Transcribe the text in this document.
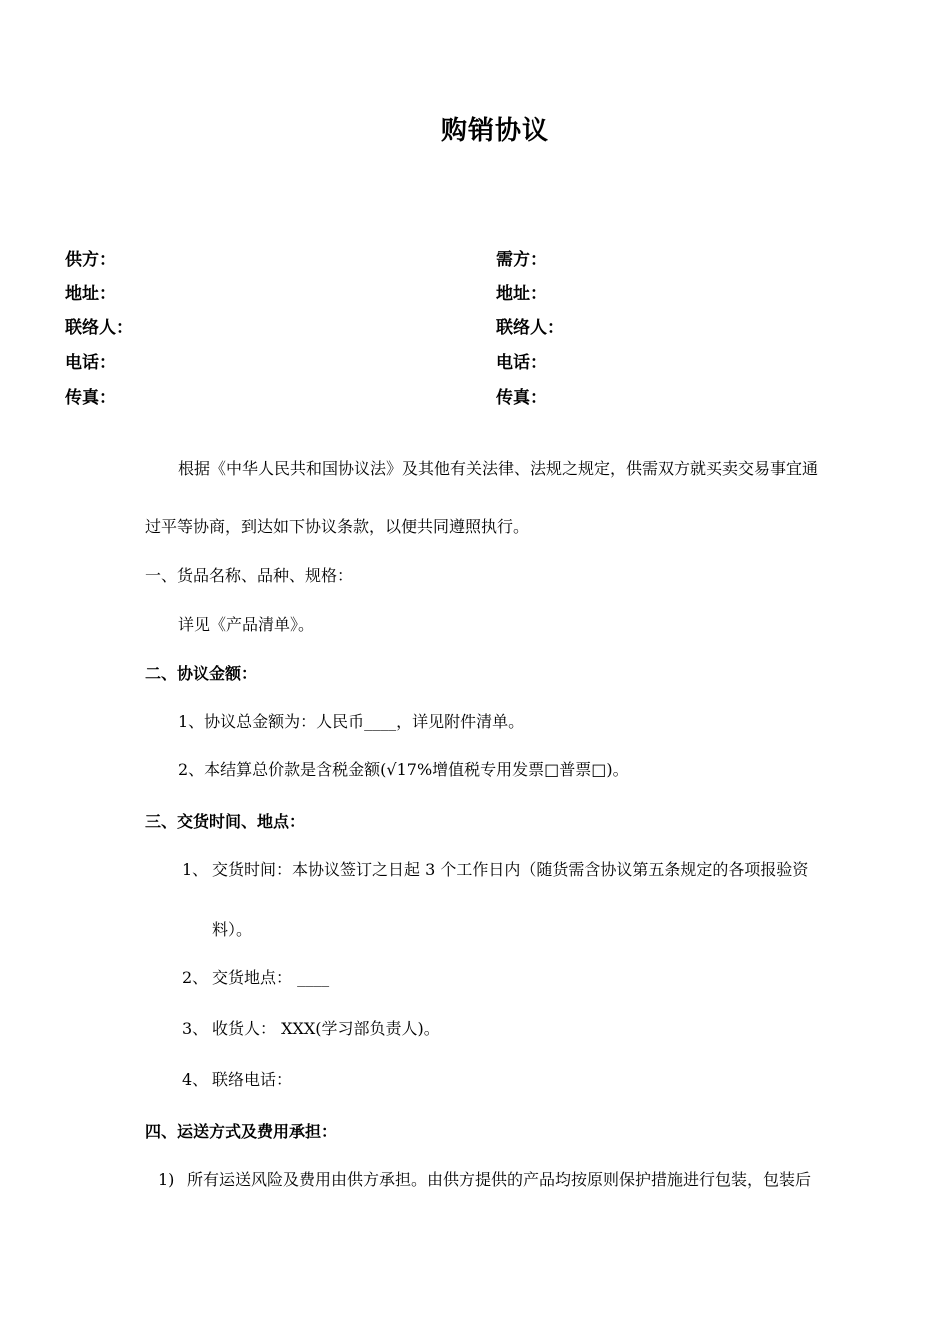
购销协议
供方：
地址：
联络人：
电话：
传真：
需方：
地址：
联络人：
电话：
传真：
根据《中华人民共和国协议法》及其他有关法律、法规之规定，供需双方就买卖交易事宜通
过平等协商，到达如下协议条款，以便共同遵照执行。
一、货品名称、品种、规格：
详见《产品清单》。
二、协议金额：
1、协议总金额为：人民币____，详见附件清单。
2、本结算总价款是含税金额(√17%增值税专用发票□普票□)。
三、交货时间、地点：
1、 交货时间：本协议签订之日起 3 个工作日内（随货需含协议第五条规定的各项报验资
料）。
2、 交货地点： ____
3、 收货人： XXX(学习部负责人)。
4、 联络电话：
四、运送方式及费用承担：
1) 所有运送风险及费用由供方承担。由供方提供的产品均按原则保护措施进行包装，包装后
